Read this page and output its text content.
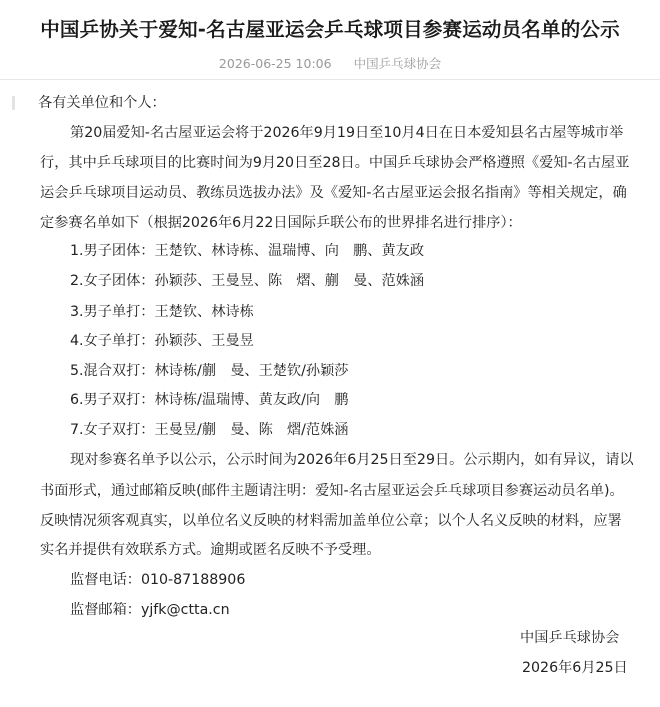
中国乒协关于爱知-名古屋亚运会乒乓球项目参赛运动员名单的公示
2026-06-25 10:06 中国乒乓球协会
各有关单位和个人：
第20届爱知-名古屋亚运会将于2026年9月19日至10月4日在日本爱知县名古屋等城市举
行，其中乒乓球项目的比赛时间为9月20日至28日。中国乒乓球协会严格遵照《爱知-名古屋亚
运会乒乓球项目运动员、教练员选拔办法》及《爱知-名古屋亚运会报名指南》等相关规定，确
定参赛名单如下（根据2026年6月22日国际乒联公布的世界排名进行排序）：
1.男子团体：王楚钦、林诗栋、温瑞博、向　鹏、黄友政
2.女子团体：孙颖莎、王曼昱、陈　熠、蒯　曼、范姝涵
3.男子单打：王楚钦、林诗栋
4.女子单打：孙颖莎、王曼昱
5.混合双打：林诗栋/蒯　曼、王楚钦/孙颖莎
6.男子双打：林诗栋/温瑞博、黄友政/向　鹏
7.女子双打：王曼昱/蒯　曼、陈　熠/范姝涵
现对参赛名单予以公示，公示时间为2026年6月25日至29日。公示期内，如有异议，请以
书面形式，通过邮箱反映(邮件主题请注明：爱知-名古屋亚运会乒乓球项目参赛运动员名单)。
反映情况须客观真实，以单位名义反映的材料需加盖单位公章；以个人名义反映的材料，应署
实名并提供有效联系方式。逾期或匿名反映不予受理。
监督电话：010-87188906
监督邮箱：yjfk@ctta.cn
中国乒乓球协会
2026年6月25日
